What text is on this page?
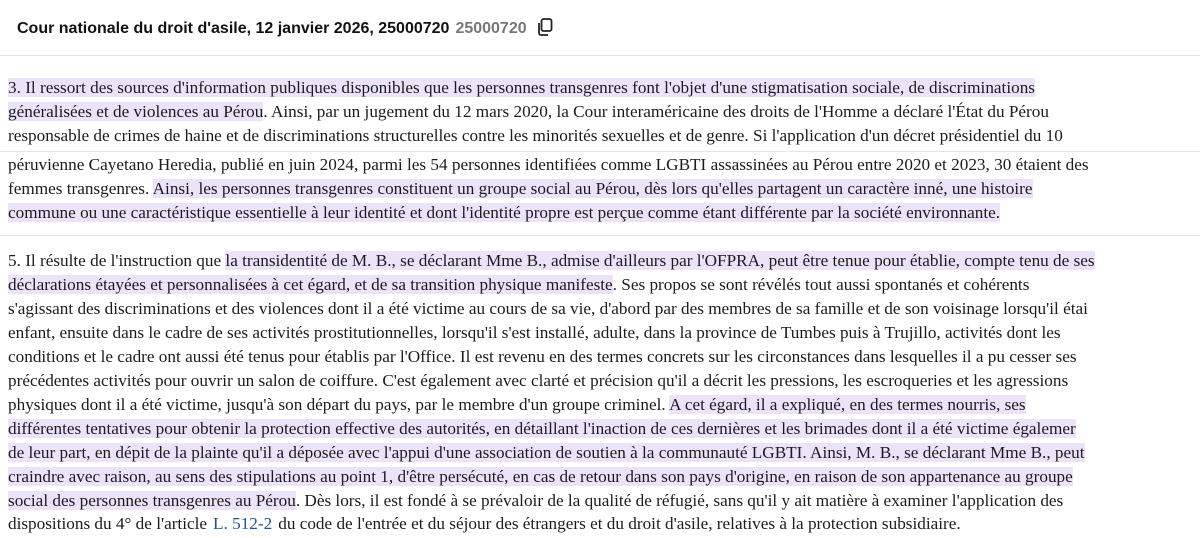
Cour nationale du droit d'asile, 12 janvier 2026, 25000720 25000720
3. Il ressort des sources d'information publiques disponibles que les personnes transgenres font l'objet d'une stigmatisation sociale, de discriminations
généralisées et de violences au Pérou. Ainsi, par un jugement du 12 mars 2020, la Cour interaméricaine des droits de l'Homme a déclaré l'État du Pérou
responsable de crimes de haine et de discriminations structurelles contre les minorités sexuelles et de genre. Si l'application d'un décret présidentiel du 10
péruvienne Cayetano Heredia, publié en juin 2024, parmi les 54 personnes identifiées comme LGBTI assassinées au Pérou entre 2020 et 2023, 30 étaient des
femmes transgenres. Ainsi, les personnes transgenres constituent un groupe social au Pérou, dès lors qu'elles partagent un caractère inné, une histoire
commune ou une caractéristique essentielle à leur identité et dont l'identité propre est perçue comme étant différente par la société environnante.
5. Il résulte de l'instruction que la transidentité de M. B., se déclarant Mme B., admise d'ailleurs par l'OFPRA, peut être tenue pour établie, compte tenu de ses
déclarations étayées et personnalisées à cet égard, et de sa transition physique manifeste. Ses propos se sont révélés tout aussi spontanés et cohérents
s'agissant des discriminations et des violences dont il a été victime au cours de sa vie, d'abord par des membres de sa famille et de son voisinage lorsqu'il étai
enfant, ensuite dans le cadre de ses activités prostitutionnelles, lorsqu'il s'est installé, adulte, dans la province de Tumbes puis à Trujillo, activités dont les
conditions et le cadre ont aussi été tenus pour établis par l'Office. Il est revenu en des termes concrets sur les circonstances dans lesquelles il a pu cesser ses
précédentes activités pour ouvrir un salon de coiffure. C'est également avec clarté et précision qu'il a décrit les pressions, les escroqueries et les agressions
physiques dont il a été victime, jusqu'à son départ du pays, par le membre d'un groupe criminel. A cet égard, il a expliqué, en des termes nourris, ses
différentes tentatives pour obtenir la protection effective des autorités, en détaillant l'inaction de ces dernières et les brimades dont il a été victime égalemer
de leur part, en dépit de la plainte qu'il a déposée avec l'appui d'une association de soutien à la communauté LGBTI. Ainsi, M. B., se déclarant Mme B., peut
craindre avec raison, au sens des stipulations au point 1, d'être persécuté, en cas de retour dans son pays d'origine, en raison de son appartenance au groupe
social des personnes transgenres au Pérou. Dès lors, il est fondé à se prévaloir de la qualité de réfugié, sans qu'il y ait matière à examiner l'application des
dispositions du 4° de l'article L. 512-2 du code de l'entrée et du séjour des étrangers et du droit d'asile, relatives à la protection subsidiaire.
